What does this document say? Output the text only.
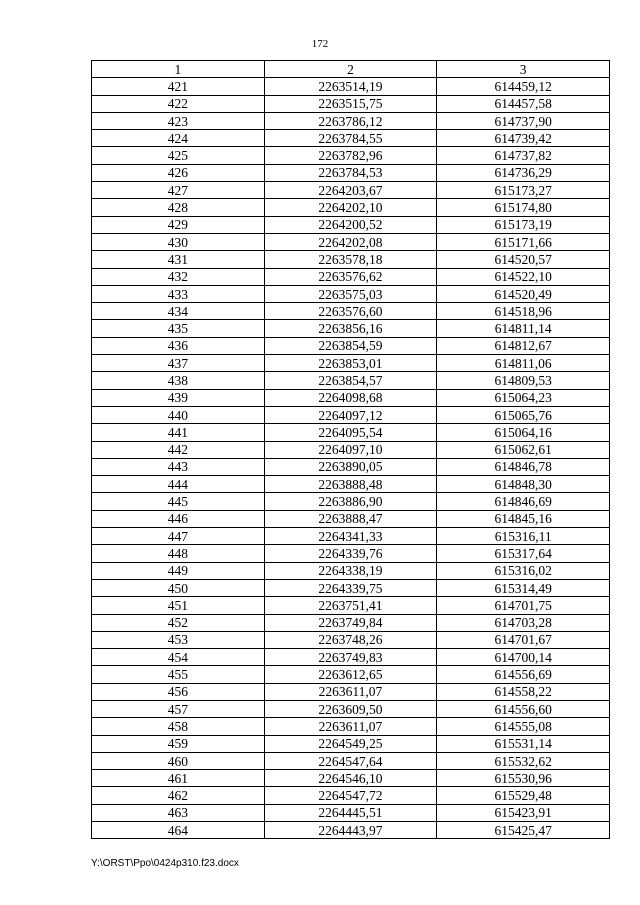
172
1	2	3
421	2263514,19	614459,12
422	2263515,75	614457,58
423	2263786,12	614737,90
424	2263784,55	614739,42
425	2263782,96	614737,82
426	2263784,53	614736,29
427	2264203,67	615173,27
428	2264202,10	615174,80
429	2264200,52	615173,19
430	2264202,08	615171,66
431	2263578,18	614520,57
432	2263576,62	614522,10
433	2263575,03	614520,49
434	2263576,60	614518,96
435	2263856,16	614811,14
436	2263854,59	614812,67
437	2263853,01	614811,06
438	2263854,57	614809,53
439	2264098,68	615064,23
440	2264097,12	615065,76
441	2264095,54	615064,16
442	2264097,10	615062,61
443	2263890,05	614846,78
444	2263888,48	614848,30
445	2263886,90	614846,69
446	2263888,47	614845,16
447	2264341,33	615316,11
448	2264339,76	615317,64
449	2264338,19	615316,02
450	2264339,75	615314,49
451	2263751,41	614701,75
452	2263749,84	614703,28
453	2263748,26	614701,67
454	2263749,83	614700,14
455	2263612,65	614556,69
456	2263611,07	614558,22
457	2263609,50	614556,60
458	2263611,07	614555,08
459	2264549,25	615531,14
460	2264547,64	615532,62
461	2264546,10	615530,96
462	2264547,72	615529,48
463	2264445,51	615423,91
464	2264443,97	615425,47
Y:\ORST\Ppo\0424p310.f23.docx
